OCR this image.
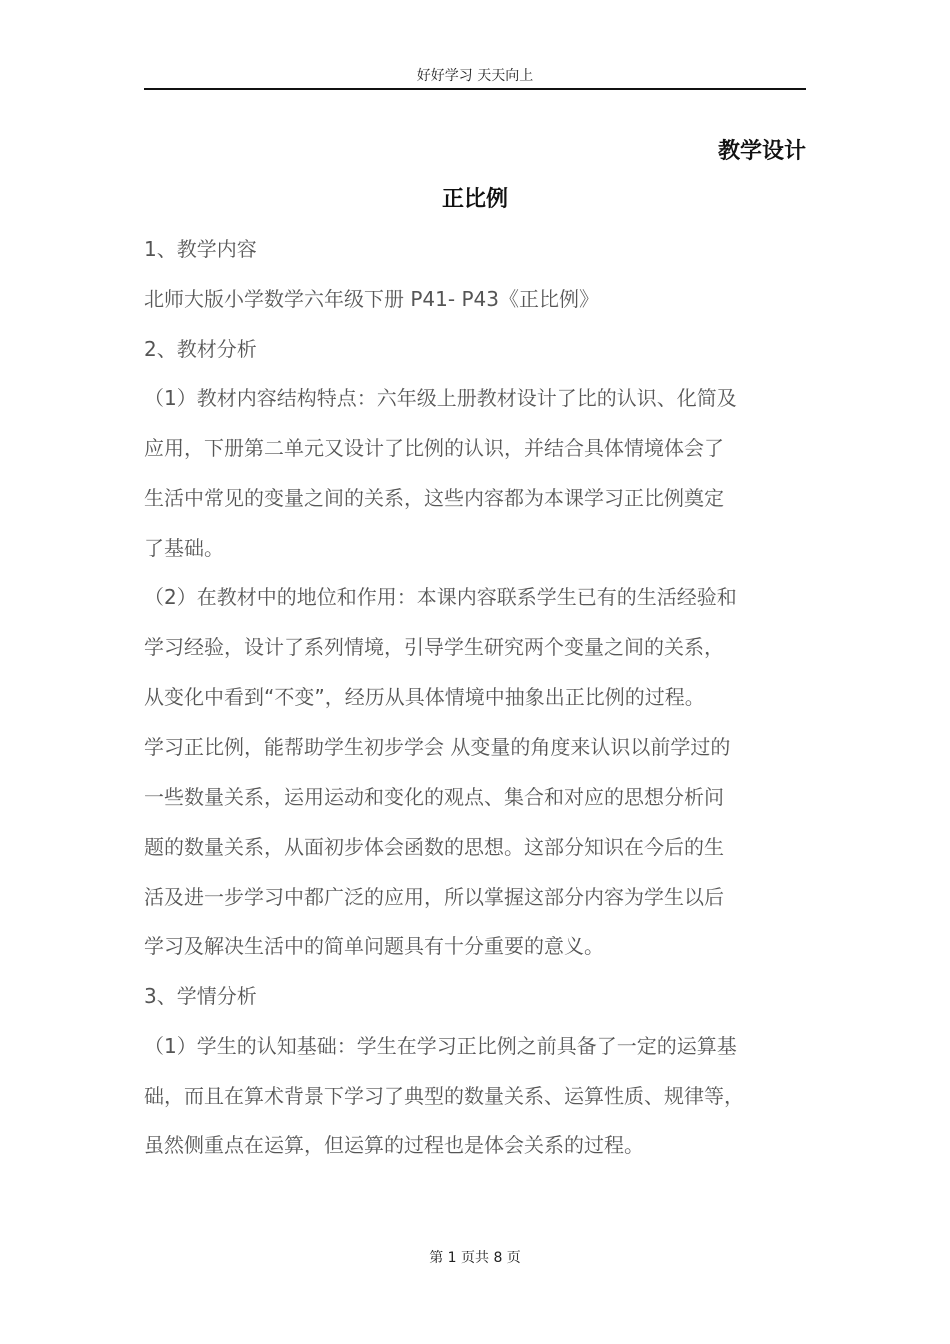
好好学习 天天向上
教学设计
正比例
1、教学内容
北师大版小学数学六年级下册 P41- P43《正比例》
2、教材分析
（1）教材内容结构特点：六年级上册教材设计了比的认识、化简及
应用，下册第二单元又设计了比例的认识，并结合具体情境体会了
生活中常见的变量之间的关系，这些内容都为本课学习正比例奠定
了基础。
（2）在教材中的地位和作用：本课内容联系学生已有的生活经验和
学习经验，设计了系列情境，引导学生研究两个变量之间的关系，
从变化中看到“不变”，经历从具体情境中抽象出正比例的过程。
学习正比例，能帮助学生初步学会 从变量的角度来认识以前学过的
一些数量关系，运用运动和变化的观点、集合和对应的思想分析问
题的数量关系，从面初步体会函数的思想。这部分知识在今后的生
活及进一步学习中都广泛的应用，所以掌握这部分内容为学生以后
学习及解决生活中的简单问题具有十分重要的意义。
3、学情分析
（1）学生的认知基础：学生在学习正比例之前具备了一定的运算基
础，而且在算术背景下学习了典型的数量关系、运算性质、规律等，
虽然侧重点在运算，但运算的过程也是体会关系的过程。
第 1 页共 8 页
